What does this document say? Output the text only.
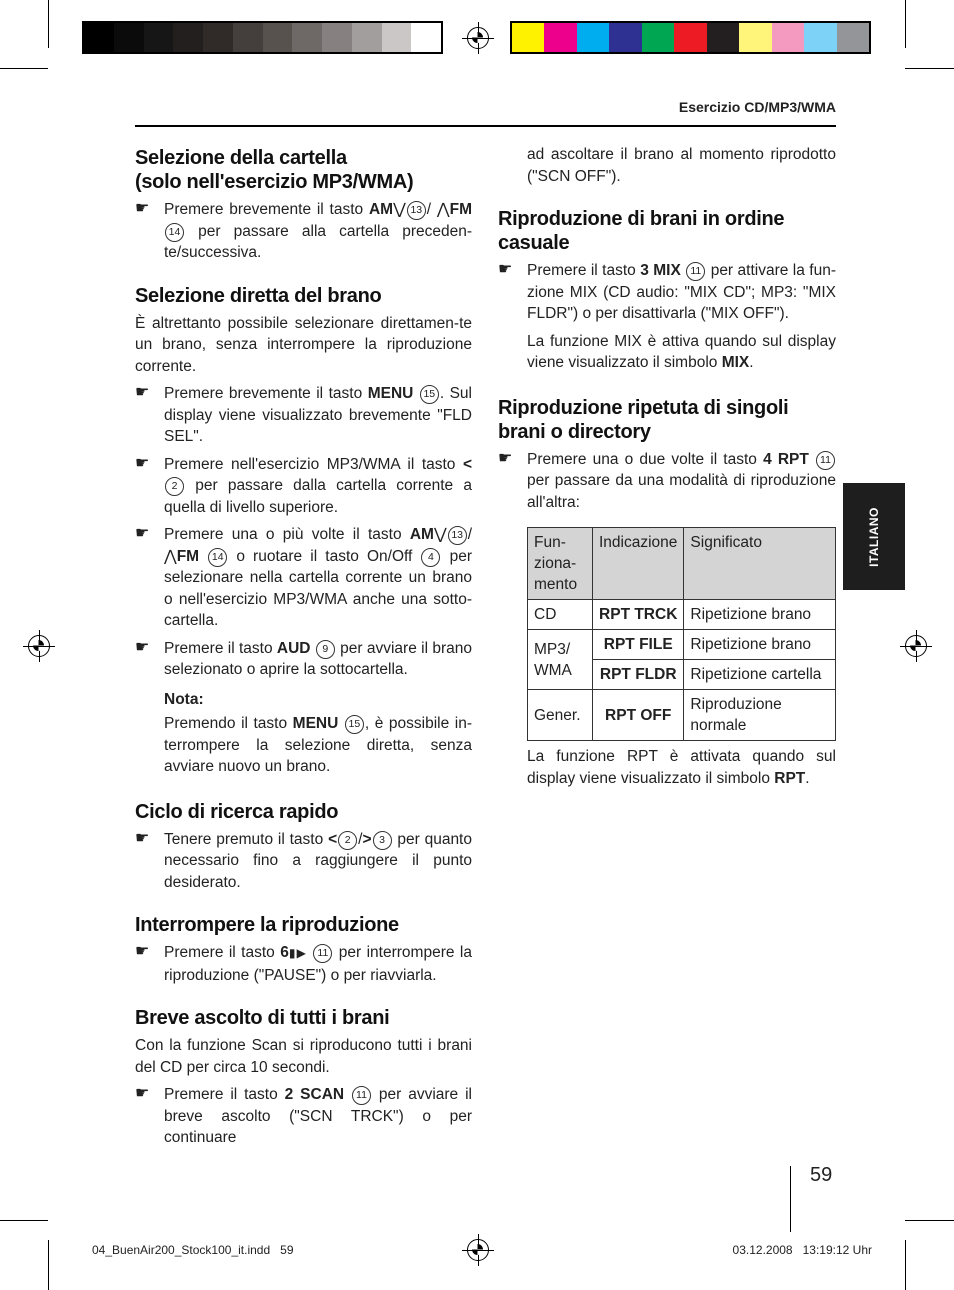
Esercizio CD/MP3/WMA
ITALIANO
Selezione della cartella
(solo nell'esercizio MP3/WMA)
☛ Premere brevemente il tasto AM⋁ 13 / ⋀FM 14 per passare alla cartella preceden-te/successiva.
Selezione diretta del brano

È altrettanto possibile selezionare direttamen-te un brano, senza interrompere la riproduzione corrente.

☛ Premere brevemente il tasto MENU 15 . Sul display viene visualizzato brevemente "FLD SEL".
☛ Premere nell'esercizio MP3/WMA il tasto <2 per passare dalla cartella corrente a quella di livello superiore.
☛ Premere una o più volte il tasto AM⋁ 13 / ⋀FM 14 o ruotare il tasto On/Off 4 per selezionare nella cartella corrente un brano o nell'esercizio MP3/WMA anche una sotto-cartella.
☛ Premere il tasto AUD 9 per avviare il brano selezionato o aprire la sottocartella.
Nota:
Premendo il tasto MENU 15 , è possibile in-terrompere la selezione diretta, senza avviare nuovo un brano.
Ciclo di ricerca rapido
☛ Tenere premuto il tasto < 2 /> 3 per quanto necessario fino a raggiungere il punto desiderato.
Interrompere la riproduzione
☛ Premere il tasto 6▮▶ 11 per interrompere la riproduzione ("PAUSE") o per riavviarla.
Breve ascolto di tutti i brani

Con la funzione Scan si riproducono tutti i brani del CD per circa 10 secondi.

☛ Premere il tasto 2 SCAN 11 per avviare il breve ascolto ("SCN TRCK") o per continuare

ad ascoltare il brano al momento riprodotto ("SCN OFF").

Riproduzione di brani in ordine casuale
☛ Premere il tasto 3 MIX 11 per attivare la fun-zione MIX (CD audio: "MIX CD"; MP3: "MIX FLDR") o per disattivarla ("MIX OFF").
La funzione MIX è attiva quando sul display viene visualizzato il simbolo MIX.
Riproduzione ripetuta di singoli brani o directory
☛ Premere una o due volte il tasto 4 RPT 11 per passare da una modalità di riproduzione all'altra:
Fun-ziona-mento	Indicazione	Significato
CD	RPT TRCK	Ripetizione brano
MP3/ WMA	RPT FILE	Ripetizione brano
	RPT FLDR	Ripetizione cartella
Gener.	RPT OFF	Riproduzione normale
La funzione RPT è attivata quando sul display viene visualizzato il simbolo RPT.
59
04_BuenAir200_Stock100_it.indd   59	03.12.2008   13:19:12 Uhr
